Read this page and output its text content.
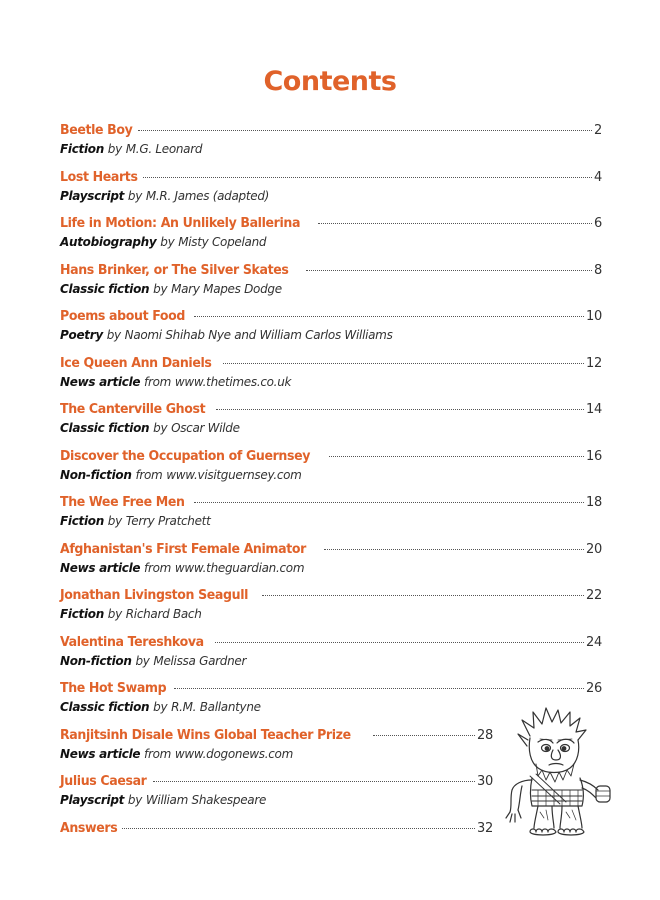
Contents
Beetle Boy	2
Fiction by M.G. Leonard
Lost Hearts	4
Playscript by M.R. James (adapted)
Life in Motion: An Unlikely Ballerina	6
Autobiography by Misty Copeland
Hans Brinker, or The Silver Skates	8
Classic fiction by Mary Mapes Dodge
Poems about Food	10
Poetry by Naomi Shihab Nye and William Carlos Williams
Ice Queen Ann Daniels	12
News article from www.thetimes.co.uk
The Canterville Ghost	14
Classic fiction by Oscar Wilde
Discover the Occupation of Guernsey	16
Non-fiction from www.visitguernsey.com
The Wee Free Men	18
Fiction by Terry Pratchett
Afghanistan's First Female Animator	20
News article from www.theguardian.com
Jonathan Livingston Seagull	22
Fiction by Richard Bach
Valentina Tereshkova	24
Non-fiction by Melissa Gardner
The Hot Swamp	26
Classic fiction by R.M. Ballantyne
Ranjitsinh Disale Wins Global Teacher Prize	28
News article from www.dogonews.com
Julius Caesar	30
Playscript by William Shakespeare
Answers	32
